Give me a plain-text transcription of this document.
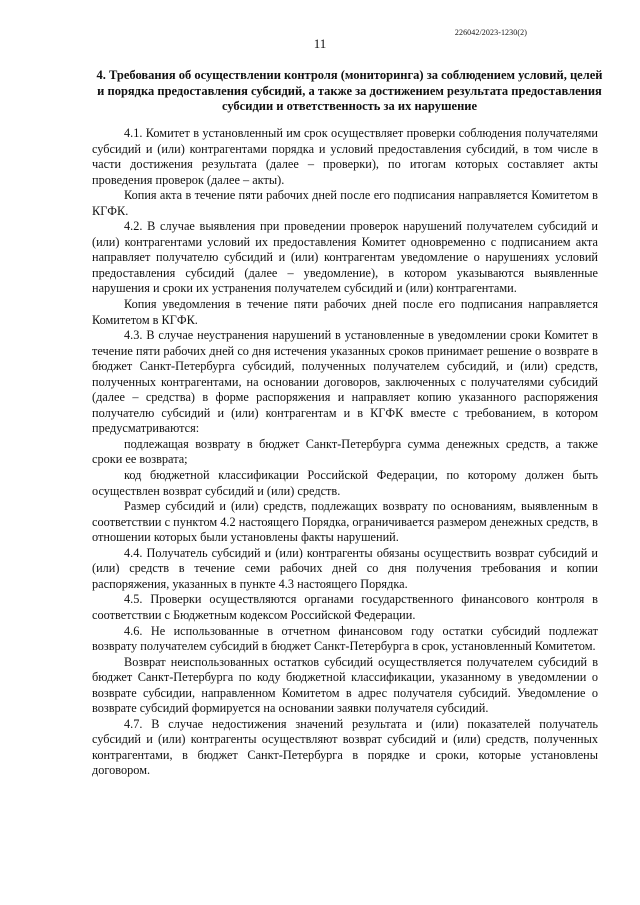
226042/2023-1230(2)
11
4. Требования об осуществлении контроля (мониторинга) за соблюдением условий, целей и порядка предоставления субсидий, а также за достижением результата предоставления субсидии и ответственность за их нарушение

4.1. Комитет в установленный им срок осуществляет проверки соблюдения получателями субсидий и (или) контрагентами порядка и условий предоставления субсидий, в том числе в части достижения результата (далее – проверки), по итогам которых составляет акты проведения проверок (далее – акты).

Копия акта в течение пяти рабочих дней после его подписания направляется Комитетом в КГФК.

4.2. В случае выявления при проведении проверок нарушений получателем субсидий и (или) контрагентами условий их предоставления Комитет одновременно с подписанием акта направляет получателю субсидий и (или) контрагентам уведомление о нарушениях условий предоставления субсидий (далее – уведомление), в котором указываются выявленные нарушения и сроки их устранения получателем субсидий и (или) контрагентами.

Копия уведомления в течение пяти рабочих дней после его подписания направляется Комитетом в КГФК.

4.3. В случае неустранения нарушений в установленные в уведомлении сроки Комитет в течение пяти рабочих дней со дня истечения указанных сроков принимает решение о возврате в бюджет Санкт-Петербурга субсидий, полученных получателем субсидий, и (или) средств, полученных контрагентами, на основании договоров, заключенных с получателями субсидий (далее – средства) в форме распоряжения и направляет копию указанного распоряжения получателю субсидий и (или) контрагентам и в КГФК вместе с требованием, в котором предусматриваются:

подлежащая возврату в бюджет Санкт-Петербурга сумма денежных средств, а также сроки ее возврата;

код бюджетной классификации Российской Федерации, по которому должен быть осуществлен возврат субсидий и (или) средств.

Размер субсидий и (или) средств, подлежащих возврату по основаниям, выявленным в соответствии с пунктом 4.2 настоящего Порядка, ограничивается размером денежных средств, в отношении которых были установлены факты нарушений.

4.4. Получатель субсидий и (или) контрагенты обязаны осуществить возврат субсидий и (или) средств в течение семи рабочих дней со дня получения требования и копии распоряжения, указанных в пункте 4.3 настоящего Порядка.

4.5. Проверки осуществляются органами государственного финансового контроля в соответствии с Бюджетным кодексом Российской Федерации.

4.6. Не использованные в отчетном финансовом году остатки субсидий подлежат возврату получателем субсидий в бюджет Санкт-Петербурга в срок, установленный Комитетом.

Возврат неиспользованных остатков субсидий осуществляется получателем субсидий в бюджет Санкт-Петербурга по коду бюджетной классификации, указанному в уведомлении о возврате субсидии, направленном Комитетом в адрес получателя субсидий. Уведомление о возврате субсидий формируется на основании заявки получателя субсидий.

4.7. В случае недостижения значений результата и (или) показателей получатель субсидий и (или) контрагенты осуществляют возврат субсидий и (или) средств, полученных контрагентами, в бюджет Санкт-Петербурга в порядке и сроки, которые установлены договором.
